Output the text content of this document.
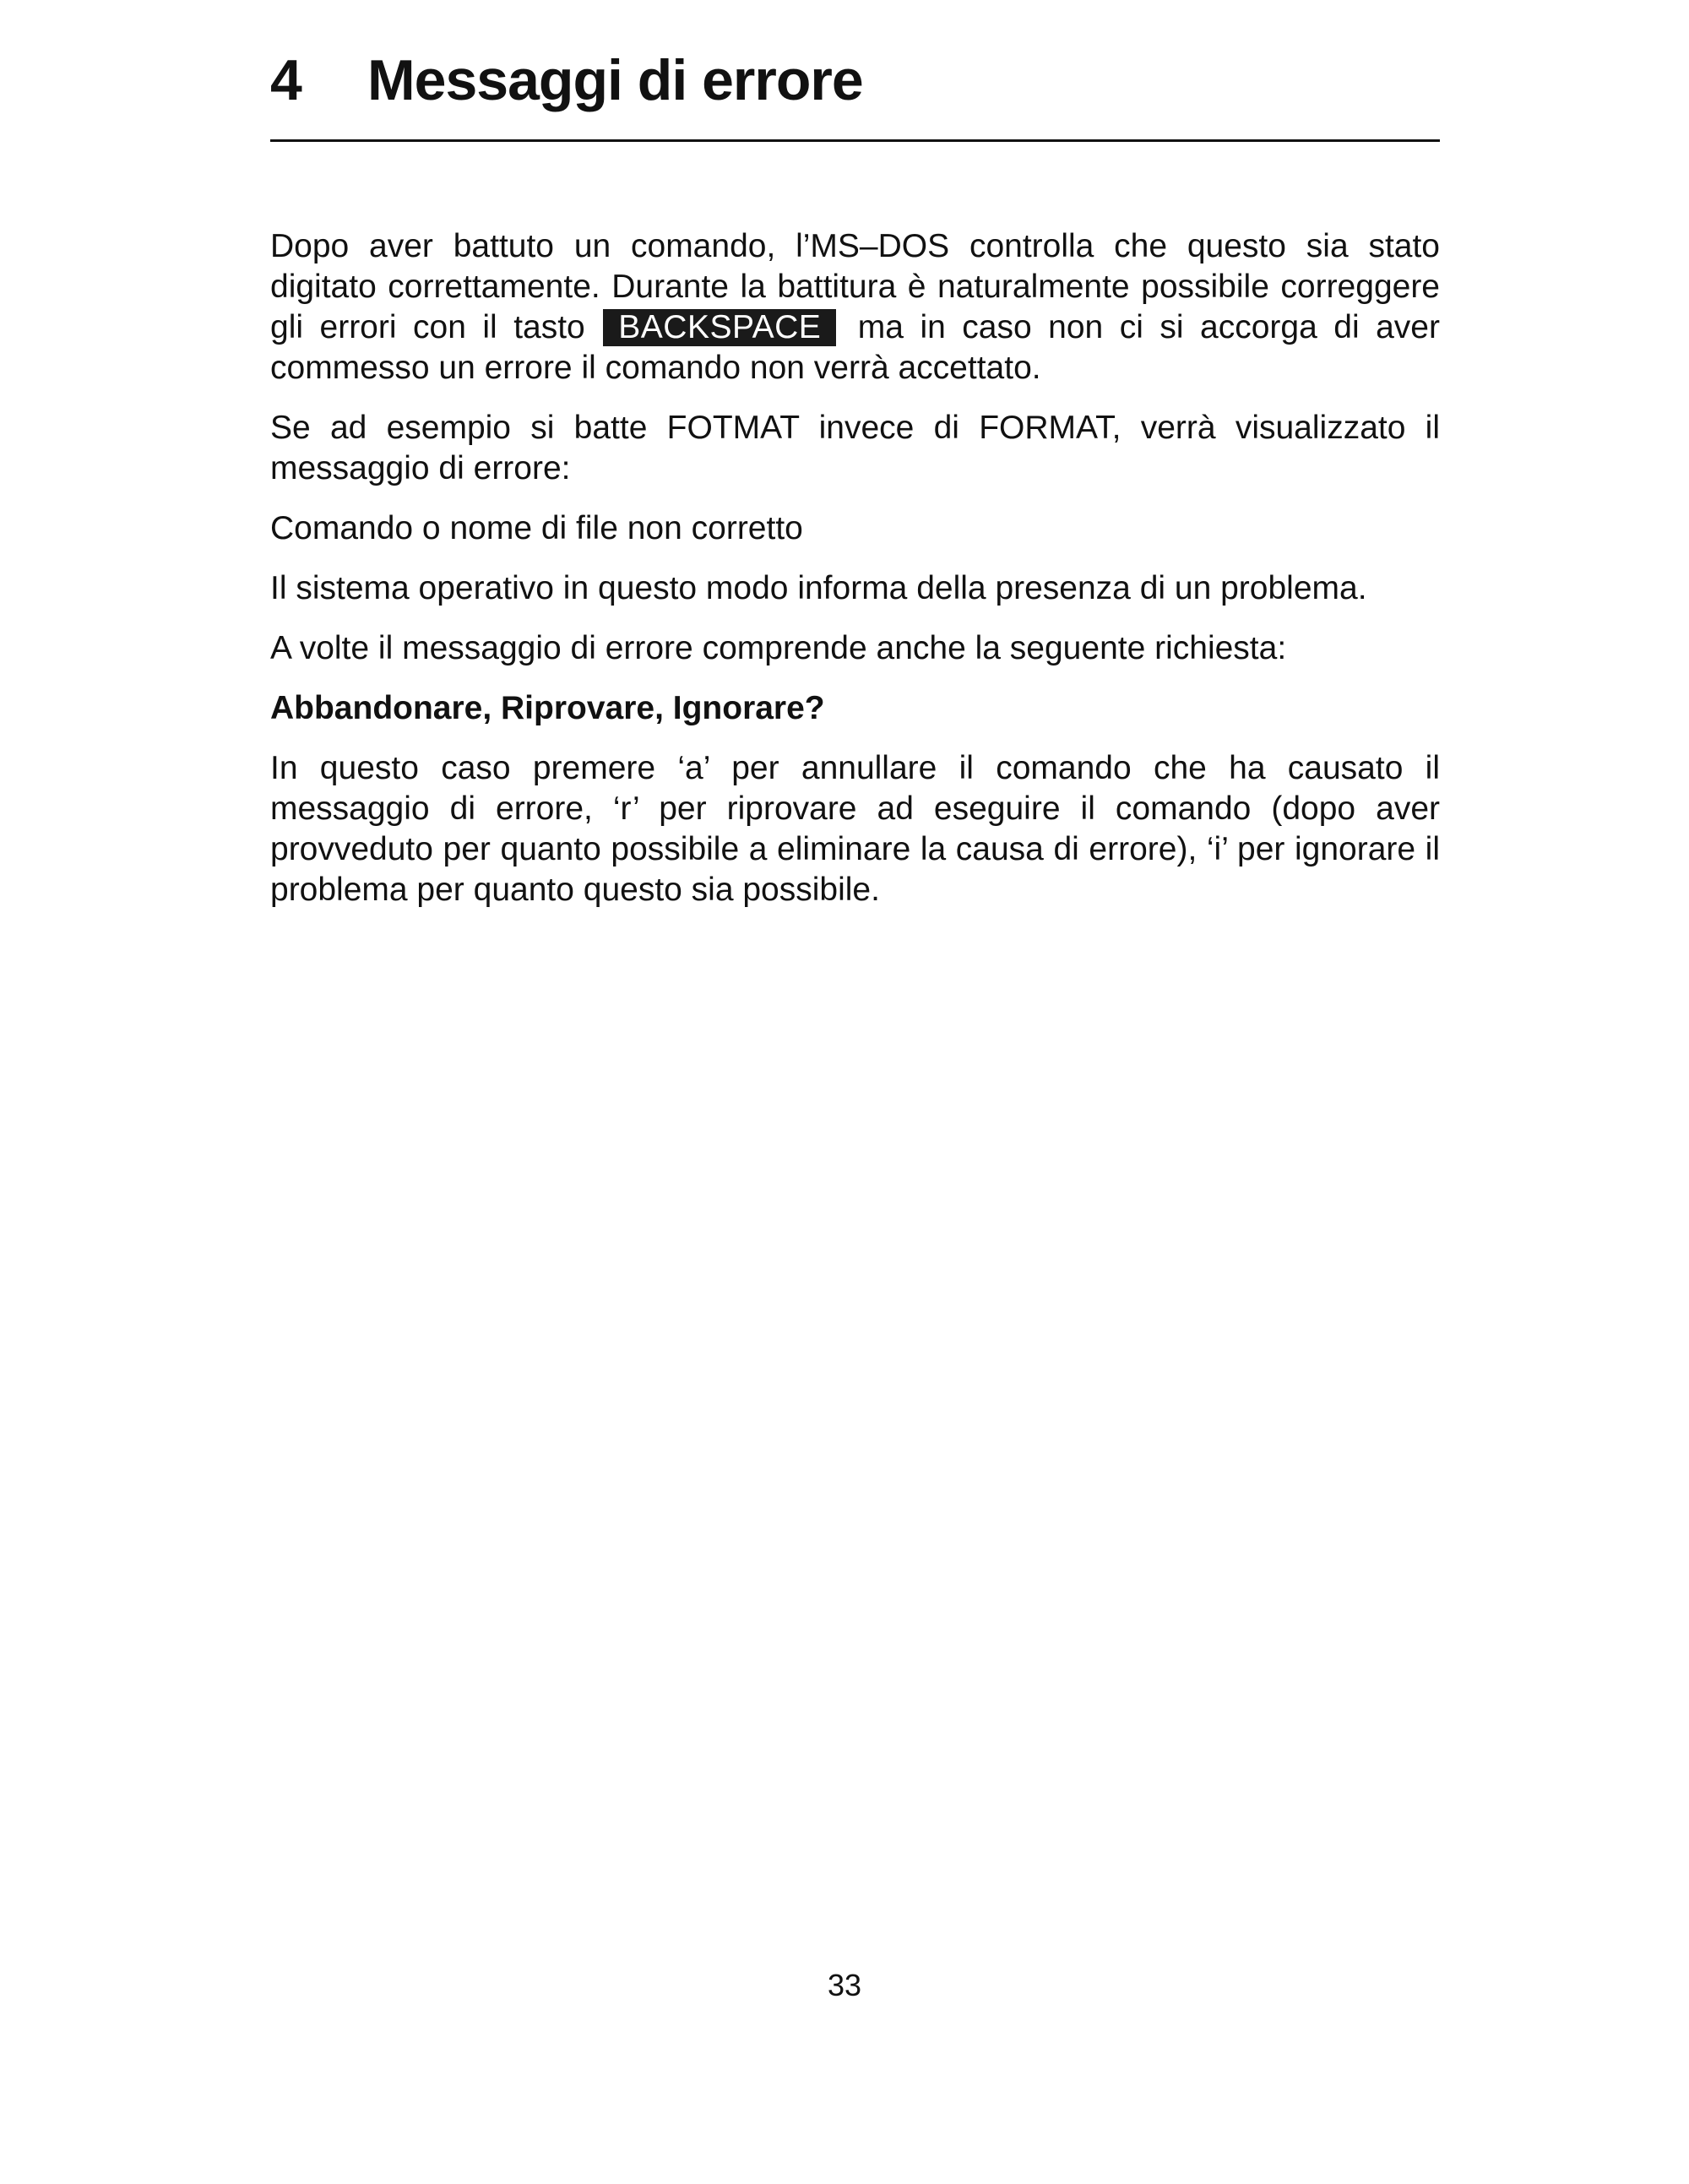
4 Messaggi di errore

Dopo aver battuto un comando, l’MS–DOS controlla che questo sia stato digitato correttamente. Durante la battitura è naturalmente possibile correggere gli errori con il tasto BACKSPACE ma in caso non ci si accorga di aver commesso un errore il comando non verrà accettato.

Se ad esempio si batte FOTMAT invece di FORMAT, verrà visualizzato il messaggio di errore:

Comando o nome di file non corretto

Il sistema operativo in questo modo informa della presenza di un problema.

A volte il messaggio di errore comprende anche la seguente richiesta:

Abbandonare, Riprovare, Ignorare?

In questo caso premere ‘a’ per annullare il comando che ha causato il messaggio di errore, ‘r’ per riprovare ad eseguire il comando (dopo aver provveduto per quanto possibile a eliminare la causa di errore), ‘i’ per ignorare il problema per quanto questo sia possibile.

33
